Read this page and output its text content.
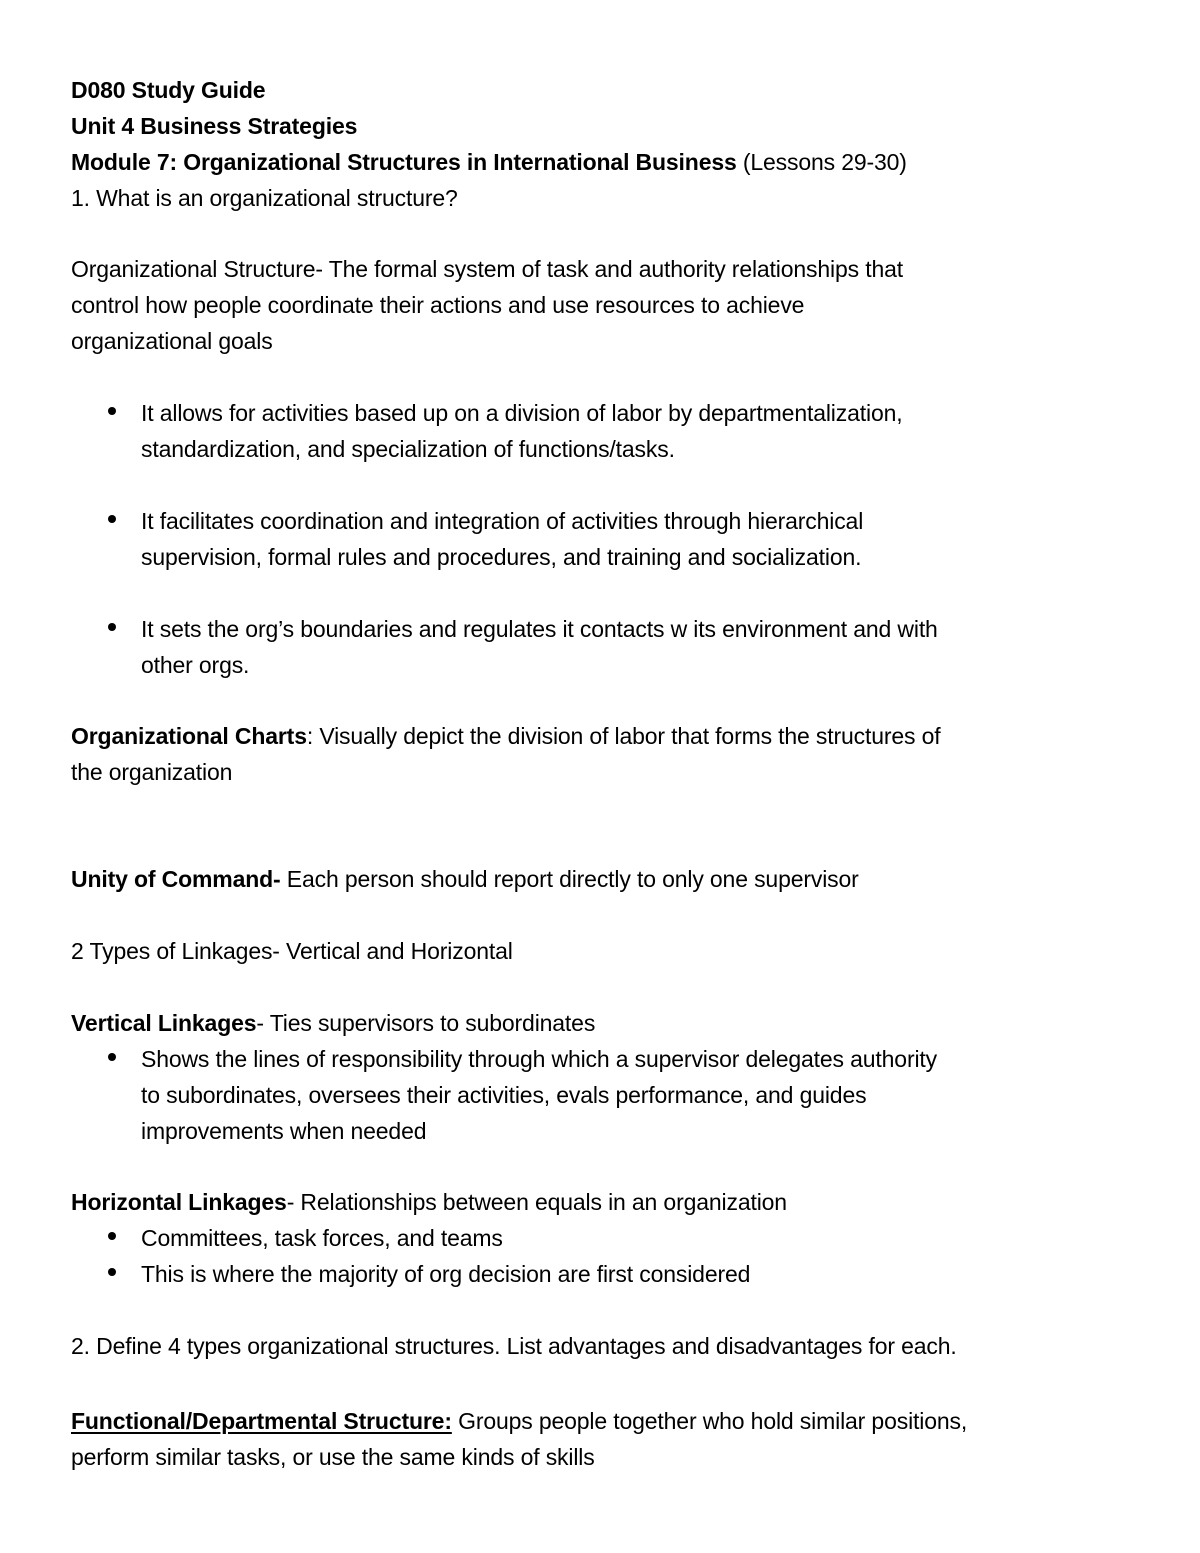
D080 Study Guide
Unit 4 Business Strategies
Module 7: Organizational Structures in International Business (Lessons 29-30)
1. What is an organizational structure?
Organizational Structure- The formal system of task and authority relationships that
control how people coordinate their actions and use resources to achieve
organizational goals
It allows for activities based up on a division of labor by departmentalization,
standardization, and specialization of functions/tasks.
It facilitates coordination and integration of activities through hierarchical
supervision, formal rules and procedures, and training and socialization.
It sets the org’s boundaries and regulates it contacts w its environment and with
other orgs.
Organizational Charts: Visually depict the division of labor that forms the structures of
the organization
Unity of Command- Each person should report directly to only one supervisor
2 Types of Linkages- Vertical and Horizontal
Vertical Linkages- Ties supervisors to subordinates
Shows the lines of responsibility through which a supervisor delegates authority
to subordinates, oversees their activities, evals performance, and guides
improvements when needed
Horizontal Linkages- Relationships between equals in an organization
Committees, task forces, and teams
This is where the majority of org decision are first considered
2. Define 4 types organizational structures. List advantages and disadvantages for each.
Functional/Departmental Structure: Groups people together who hold similar positions,
perform similar tasks, or use the same kinds of skills
